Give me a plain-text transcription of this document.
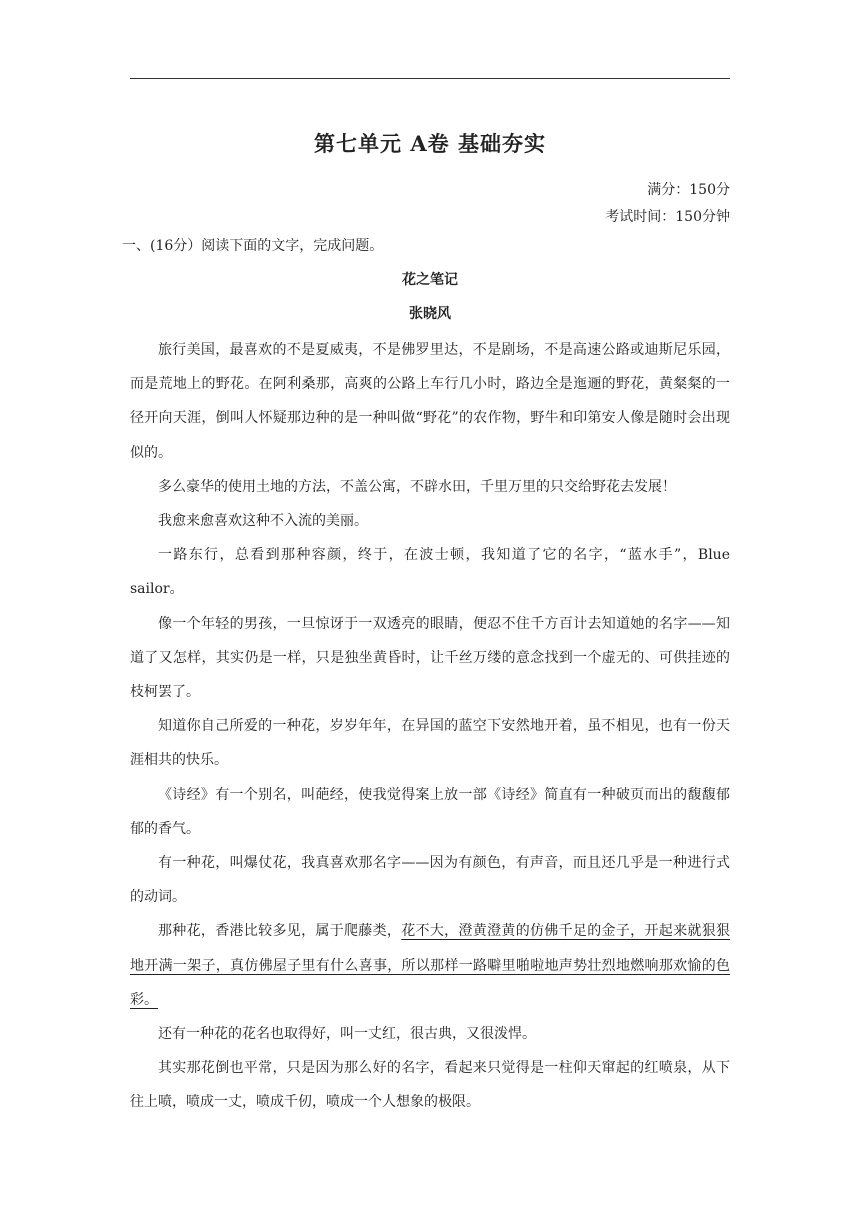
第七单元 A卷 基础夯实
满分：150分
考试时间：150分钟
一、(16分）阅读下面的文字，完成问题。
花之笔记
张晓风

旅行美国，最喜欢的不是夏威夷，不是佛罗里达，不是剧场，不是高速公路或迪斯尼乐园，而是荒地上的野花。在阿利桑那，高爽的公路上车行几小时，路边全是迤逦的野花，黄粲粲的一径开向天涯，倒叫人怀疑那边种的是一种叫做“野花”的农作物，野牛和印第安人像是随时会出现似的。

多么豪华的使用土地的方法，不盖公寓，不辟水田，千里万里的只交给野花去发展！

我愈来愈喜欢这种不入流的美丽。

一路东行，总看到那种容颜，终于，在波士顿，我知道了它的名字，“蓝水手”，Blue sailor。

像一个年轻的男孩，一旦惊讶于一双透亮的眼睛，便忍不住千方百计去知道她的名字——知道了又怎样，其实仍是一样，只是独坐黄昏时，让千丝万缕的意念找到一个虚无的、可供挂迹的枝柯罢了。

知道你自己所爱的一种花，岁岁年年，在异国的蓝空下安然地开着，虽不相见，也有一份天涯相共的快乐。

《诗经》有一个别名，叫葩经，使我觉得案上放一部《诗经》简直有一种破页而出的馥馥郁郁的香气。

有一种花，叫爆仗花，我真喜欢那名字——因为有颜色，有声音，而且还几乎是一种进行式的动词。

那种花，香港比较多见，属于爬藤类，花不大，澄黄澄黄的仿佛千足的金子，开起来就狠狠地开满一架子，真仿佛屋子里有什么喜事，所以那样一路噼里啪啦地声势壮烈地燃响那欢愉的色彩。

还有一种花的花名也取得好，叫一丈红，很古典，又很泼悍。

其实那花倒也平常，只是因为那么好的名字，看起来只觉得是一柱仰天窜起的红喷泉，从下往上喷，喷成一丈，喷成千仞，喷成一个人想象的极限。
